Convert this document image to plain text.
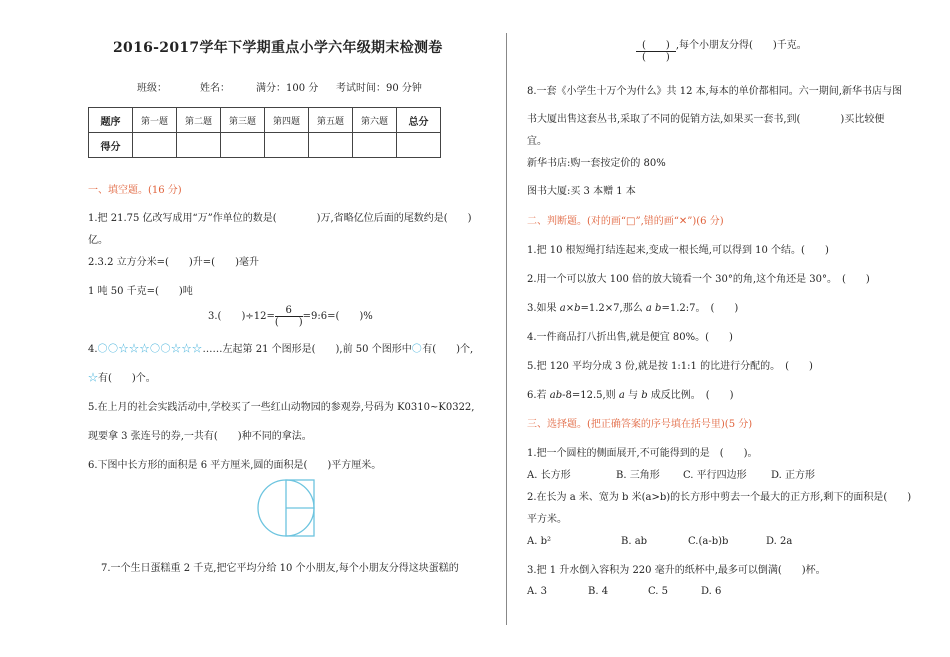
2016-2017学年下学期重点小学六年级期末检测卷
班级：	姓名：	满分：100 分 考试时间：90 分钟
题序	第一题	第二题	第三题	第四题	第五题	第六题	总分
得分							
一、填空题。(16 分)
1.把 21.75 亿改写成用“万”作单位的数是(　　　　)万,省略亿位后面的尾数约是(　　)
亿。
2.3.2 立方分米=(　　)升=(　　)毫升
1 吨 50 千克=(　　)吨
3.(　　)$\div 12= \frac{6}{( )}$ =9:6=(　　)%
4.〇〇☆☆☆〇〇☆☆☆……左起第 21 个图形是(　　),前 50 个图形中〇有(　　)个,
☆有(　　)个。
5.在上月的社会实践活动中,学校买了一些红山动物园的参观券,号码为 K0310~K0322,
现要拿 3 张连号的券,一共有(　　)种不同的拿法。
6.下图中长方形的面积是 6 平方厘米,圆的面积是(　　)平方厘米。
7.一个生日蛋糕重 2 千克,把它平均分给 10 个小朋友,每个小朋友分得这块蛋糕的
$\frac{( )}{( )}$ ,每个小朋友分得(　　)千克。
8.一套《小学生十万个为什么》共 12 本,每本的单价都相同。六一期间,新华书店与图
书大厦出售这套丛书,采取了不同的促销方法,如果买一套书,到(　　　　)买比较便
宜。
新华书店:购一套按定价的 80%
图书大厦:买 3 本赠 1 本
二、判断题。(对的画“□”,错的画“✕”)(6 分)
1.把 10 根短绳打结连起来,变成一根长绳,可以得到 10 个结。(　　)
2.用一个可以放大 100 倍的放大镜看一个 30°的角,这个角还是 30°。　(　　)
3.如果 a×b=1.2×7,那么 a b=1.2:7。　(　　)
4.一件商品打八折出售,就是便宜 80%。(　　)
5.把 120 平均分成 3 份,就是按 1:1:1 的比进行分配的。　(　　)
6.若 ab-8=12.5,则 a 与 b 成反比例。　(　　)
三、选择题。(把正确答案的序号填在括号里)(5 分)
1.把一个圆柱的侧面展开,不可能得到的是　(　　)。
A. 长方形	B. 三角形 C. 平行四边形 D. 正方形
2.在长为 a 米、宽为 b 米(a>b)的长方形中剪去一个最大的正方形,剩下的面积是(　　)
平方米。
A. b²	B. ab	C.(a-b)b	D. 2a
3.把 1 升水倒入容积为 220 毫升的纸杯中,最多可以倒满(　　)杯。
A. 3	B. 4	C. 5	D. 6
